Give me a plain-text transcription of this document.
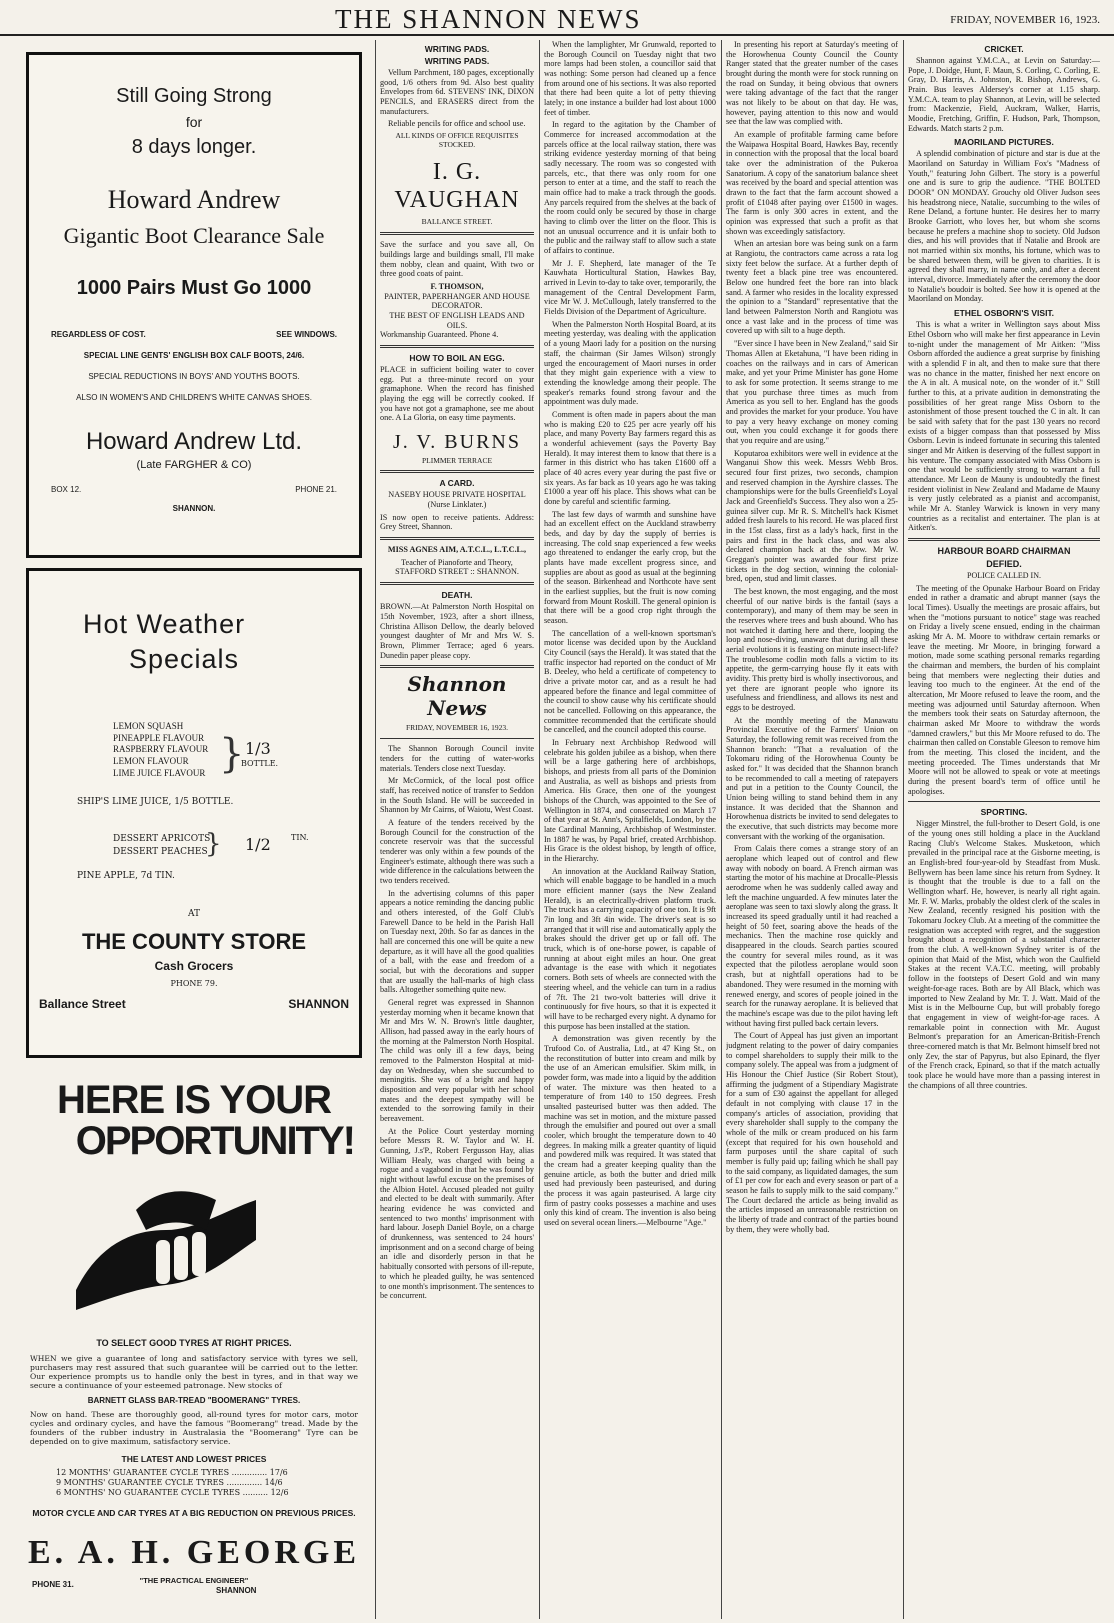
THE SHANNON NEWS	FRIDAY, NOVEMBER 16, 1923.
Still Going Strong
for
8 days longer.
Howard Andrew
Gigantic Boot Clearance Sale
1000 Pairs Must Go 1000
REGARDLESS OF COST.	SEE WINDOWS.
SPECIAL LINE GENTS' ENGLISH BOX CALF BOOTS, 24/6.
SPECIAL REDUCTIONS IN BOYS' AND YOUTHS BOOTS.
ALSO IN WOMEN'S AND CHILDREN'S WHITE CANVAS SHOES.
Howard Andrew Ltd.
(Late FARGHER & CO)
BOX 12.	PHONE 21.
SHANNON.
Hot Weather
Specials
LEMON SQUASH
PINEAPPLE FLAVOUR
RASPBERRY FLAVOUR
LEMON FLAVOUR
LIME JUICE FLAVOUR } 1/3
BOTTLE.
SHIP'S LIME JUICE, 1/5 BOTTLE.
DESSERT APRICOTS
DESSERT PEACHES
} 1/2	TIN.
PINE APPLE, 7d TIN.
AT
THE COUNTY STORE
Cash Grocers
PHONE 79.
Ballance Street	SHANNON
HERE IS YOUR
OPPORTUNITY!
TO SELECT GOOD TYRES AT RIGHT PRICES.
WHEN we give a guarantee of long and satisfactory service with tyres we sell, purchasers may rest assured that such guarantee will be carried out to the letter. Our experience prompts us to handle only the best in tyres, and in that way we secure a continuance of your esteemed patronage. New stocks of
BARNETT GLASS BAR-TREAD "BOOMERANG" TYRES.
Now on hand. These are thoroughly good, all-round tyres for motor cars, motor cycles and ordinary cycles, and have the famous "Boomerang" tread. Made by the founders of the rubber industry in Australasia the "Boomerang" Tyre can be depended on to give maximum, satisfactory service.
THE LATEST AND LOWEST PRICES
12 MONTHS' GUARANTEE CYCLE TYRES .............. 17/6
9 MONTHS' GUARANTEE CYCLE TYRES .............. 14/6
6 MONTHS' NO GUARANTEE CYCLE TYRES .......... 12/6
MOTOR CYCLE AND CAR TYRES AT A BIG REDUCTION ON PREVIOUS PRICES.
E. A. H. GEORGE
PHONE 31.	"THE PRACTICAL ENGINEER"
SHANNON
WRITING PADS.
WRITING PADS.

Vellum Parchment, 180 pages, exceptionally good, 1/6 others from 9d. Also best quality Envelopes from 6d. STEVENS' INK, DIXON PENCILS, and ERASERS direct from the manufacturers.

Reliable pencils for office and school use.

ALL KINDS OF OFFICE REQUISITES STOCKED.
I. G. VAUGHAN
BALLANCE STREET.

Save the surface and you save all, On buildings large and buildings small, I'll make them nobby, clean and quaint, With two or three good coats of paint.

F. THOMSON,
PAINTER, PAPERHANGER AND HOUSE DECORATOR.
THE BEST OF ENGLISH LEADS AND OILS.
Workmanship Guaranteed. Phone 4.
HOW TO BOIL AN EGG.

PLACE in sufficient boiling water to cover egg. Put a three-minute record on your gramaphone. When the record has finished playing the egg will be correctly cooked. If you have not got a gramaphone, see me about one. A La Gloria, on easy time payments.

J. V. BURNS
PLIMMER TERRACE
A CARD.
NASEBY HOUSE PRIVATE HOSPITAL (Nurse Linklater.)

IS now open to receive patients. Address: Grey Street, Shannon.

MISS AGNES AIM, A.T.C.L., L.T.C.L.,
Teacher of Pianoforte and Theory, STAFFORD STREET :: SHANNON.
DEATH.

BROWN.—At Palmerston North Hospital on 15th November, 1923, after a short illness, Christina Allison Dellow, the dearly beloved youngest daughter of Mr and Mrs W. S. Brown, Plimmer Terrace; aged 6 years. Dunedin paper please copy.

Shannon News
FRIDAY, NOVEMBER 16, 1923.

The Shannon Borough Council invite tenders for the cutting of water-works materials. Tenders close next Tuesday.

Mr McCormick, of the local post office staff, has received notice of transfer to Seddon in the South Island. He will be succeeded in Shannon by Mr Cairns, of Waiotu, West Coast.

A feature of the tenders received by the Borough Council for the construction of the concrete reservoir was that the successful tenderer was only within a few pounds of the Engineer's estimate, although there was such a wide difference in the calculations between the two tenders received.

In the advertising columns of this paper appears a notice reminding the dancing public and others interested, of the Golf Club's Farewell Dance to be held in the Parish Hall on Tuesday next, 20th. So far as dances in the hall are concerned this one will be quite a new departure, as it will have all the good qualities of a ball, with the ease and freedom of a social, but with the decorations and supper that are usually the hall-marks of high class balls. Altogether something quite new.

General regret was expressed in Shannon yesterday morning when it became known that Mr and Mrs W. N. Brown's little daughter, Allison, had passed away in the early hours of the morning at the Palmerston North Hospital. The child was only ill a few days, being removed to the Palmerston Hospital at mid-day on Wednesday, when she succumbed to meningitis. She was of a bright and happy disposition and very popular with her school mates and the deepest sympathy will be extended to the sorrowing family in their bereavement.

At the Police Court yesterday morning before Messrs R. W. Taylor and W. H. Gunning, J.s'P., Robert Fergusson Hay, alias William Healy, was charged with being a rogue and a vagabond in that he was found by night without lawful excuse on the premises of the Albion Hotel. Accused pleaded not guilty and elected to be dealt with summarily. After hearing evidence he was convicted and sentenced to two months' imprisonment with hard labour. Joseph Daniel Boyle, on a charge of drunkenness, was sentenced to 24 hours' imprisonment and on a second charge of being an idle and disorderly person in that he habitually consorted with persons of ill-repute, to which he pleaded guilty, he was sentenced to one month's imprisonment. The sentences to be concurrent.

When the lamplighter, Mr Grunwald, reported to the Borough Council on Tuesday night that two more lamps had been stolen, a councillor said that was nothing: Some person had cleaned up a fence from around one of his sections. It was also reported that there had been quite a lot of petty thieving lately; in one instance a builder had lost about 1000 feet of timber.

In regard to the agitation by the Chamber of Commerce for increased accommodation at the parcels office at the local railway station, there was striking evidence yesterday morning of that being sadly necessary. The room was so congested with parcels, etc., that there was only room for one person to enter at a time, and the staff to reach the main office had to make a track through the goods. Any parcels required from the shelves at the back of the room could only be secured by those in charge having to climb over the litter on the floor. This is not an unusual occurrence and it is unfair both to the public and the railway staff to allow such a state of affairs to continue.

Mr J. F. Shepherd, late manager of the Te Kauwhata Horticultural Station, Hawkes Bay, arrived in Levin to-day to take over, temporarily, the management of the Central Development Farm, vice Mr W. J. McCullough, lately transferred to the Fields Division of the Department of Agriculture.

When the Palmerston North Hospital Board, at its meeting yesterday, was dealing with the application of a young Maori lady for a position on the nursing staff, the chairman (Sir James Wilson) strongly urged the encouragement of Maori nurses in order that they might gain experience with a view to extending the knowledge among their people. The speaker's remarks found strong favour and the appointment was duly made.

Comment is often made in papers about the man who is making £20 to £25 per acre yearly off his place, and many Poverty Bay farmers regard this as a wonderful achievement (says the Poverty Bay Herald). It may interest them to know that there is a farmer in this district who has taken £1600 off a place of 40 acres every year during the past five or six years. As far back as 10 years ago he was taking £1000 a year off his place. This shows what can be done by careful and scientific farming.

The last few days of warmth and sunshine have had an excellent effect on the Auckland strawberry beds, and day by day the supply of berries is increasing. The cold snap experienced a few weeks ago threatened to endanger the early crop, but the plants have made excellent progress since, and supplies are about as good as usual at the beginning of the season. Birkenhead and Northcote have sent in the earliest supplies, but the fruit is now coming forward from Mount Roskill. The general opinion is that there will be a good crop right through the season.

The cancellation of a well-known sportsman's motor license was decided upon by the Auckland City Council (says the Herald). It was stated that the traffic inspector had reported on the conduct of Mr B. Deeley, who held a certificate of competency to drive a private motor car, and as a result he had appeared before the finance and legal committee of the council to show cause why his certificate should not be cancelled. Following on this appearance, the committee recommended that the certificate should be cancelled, and the council adopted this course.

In February next Archbishop Redwood will celebrate his golden jubilee as a bishop, when there will be a large gathering here of archbishops, bishops, and priests from all parts of the Dominion and Australia, as well as bishops and priests from America. His Grace, then one of the youngest bishops of the Church, was appointed to the See of Wellington in 1874, and consecrated on March 17 of that year at St. Ann's, Spitalfields, London, by the late Cardinal Manning, Archbishop of Westminster. In 1887 he was, by Papal brief, created Archbishop. His Grace is the oldest bishop, by length of office, in the Hierarchy.

An innovation at the Auckland Railway Station, which will enable baggage to be handled in a much more efficient manner (says the New Zealand Herald), is an electrically-driven platform truck. The truck has a carrying capacity of one ton. It is 9ft 7in long and 3ft 4in wide. The driver's seat is so arranged that it will rise and automatically apply the brakes should the driver get up or fall off. The truck, which is of one-horse power, is capable of running at about eight miles an hour. One great advantage is the ease with which it negotiates corners. Both sets of wheels are connected with the steering wheel, and the vehicle can turn in a radius of 7ft. The 21 two-volt batteries will drive it continuously for five hours, so that it is expected it will have to be recharged every night. A dynamo for this purpose has been installed at the station.

A demonstration was given recently by the Trufood Co. of Australia, Ltd., at 47 King St., on the reconstitution of butter into cream and milk by the use of an American emulsifier. Skim milk, in powder form, was made into a liquid by the addition of water. The mixture was then heated to a temperature of from 140 to 150 degrees. Fresh unsalted pasteurised butter was then added. The machine was set in motion, and the mixture passed through the emulsifier and poured out over a small cooler, which brought the temperature down to 40 degrees. In making milk a greater quantity of liquid and powdered milk was required. It was stated that the cream had a greater keeping quality than the genuine article, as both the butter and dried milk used had previously been pasteurised, and during the process it was again pasteurised. A large city firm of pastry cooks possesses a machine and uses only this kind of cream. The invention is also being used on several ocean liners.—Melbourne "Age."

In presenting his report at Saturday's meeting of the Horowhenua County Council the County Ranger stated that the greater number of the cases brought during the month were for stock running on the road on Sunday, it being obvious that owners were taking advantage of the fact that the ranger was not likely to be about on that day. He was, however, paying attention to this now and would see that the law was complied with.

An example of profitable farming came before the Waipawa Hospital Board, Hawkes Bay, recently in connection with the proposal that the local board take over the administration of the Pukeroa Sanatorium. A copy of the sanatorium balance sheet was received by the board and special attention was drawn to the fact that the farm account showed a profit of £1048 after paying over £1500 in wages. The farm is only 300 acres in extent, and the opinion was expressed that such a profit as that shown was exceedingly satisfactory.

When an artesian bore was being sunk on a farm at Rangiotu, the contractors came across a rata log sixty feet below the surface. At a further depth of twenty feet a black pine tree was encountered. Below one hundred feet the bore ran into black sand. A farmer who resides in the locality expressed the opinion to a "Standard" representative that the land between Palmerston North and Rangiotu was once a vast lake and in the process of time was covered up with silt to a huge depth.

"Ever since I have been in New Zealand," said Sir Thomas Allen at Eketahuna, "I have been riding in coaches on the railways and in cars of American make, and yet your Prime Minister has gone Home to ask for some protection. It seems strange to me that you purchase three times as much from America as you sell to her. England has the goods and provides the market for your produce. You have to pay a very heavy exchange on money coming out, when you could exchange it for goods there that you require and are using."

Koputaroa exhibitors were well in evidence at the Wanganui Show this week. Messrs Webb Bros. secured four first prizes, two seconds, champion and reserved champion in the Ayrshire classes. The championships were for the bulls Greenfield's Loyal Jack and Greenfield's Success. They also won a 25-guinea silver cup. Mr R. S. Mitchell's hack Kismet added fresh laurels to his record. He was placed first in the 15st class, first as a lady's hack, first in the pairs and first in the hack class, and was also declared champion hack at the show. Mr W. Greggan's pointer was awarded four first prize tickets in the dog section, winning the colonial-bred, open, stud and limit classes.

The best known, the most engaging, and the most cheerful of our native birds is the fantail (says a contemporary), and many of them may be seen in the reserves where trees and bush abound. Who has not watched it darting here and there, looping the loop and nose-diving, unaware that during all these aerial evolutions it is feasting on minute insect-life? The troublesome codlin moth falls a victim to its appetite, the germ-carrying house fly it eats with avidity. This pretty bird is wholly insectivorous, and yet there are ignorant people who ignore its usefulness and friendliness, and allows its nest and eggs to be destroyed.

At the monthly meeting of the Manawatu Provincial Executive of the Farmers' Union on Saturday, the following remit was received from the Shannon branch: "That a revaluation of the Tokomaru riding of the Horowhenua County be asked for." It was decided that the Shannon branch to be recommended to call a meeting of ratepayers and put in a petition to the County Council, the Union being willing to stand behind them in any instance. It was decided that the Shannon and Horowhenua districts be invited to send delegates to the executive, that such districts may become more conversant with the working of the organisation.

From Calais there comes a strange story of an aeroplane which leaped out of control and flew away with nobody on board. A French airman was starting the motor of his machine at Drocalle-Plessis aerodrome when he was suddenly called away and left the machine unguarded. A few minutes later the aeroplane was seen to taxi slowly along the grass. It increased its speed gradually until it had reached a height of 50 feet, soaring above the heads of the mechanics. Then the machine rose quickly and disappeared in the clouds. Search parties scoured the country for several miles round, as it was expected that the pilotless aeroplane would soon crash, but at nightfall operations had to be abandoned. They were resumed in the morning with renewed energy, and scores of people joined in the search for the runaway aeroplane. It is believed that the machine's escape was due to the pilot having left without having first pulled back certain levers.

The Court of Appeal has just given an important judgment relating to the power of dairy companies to compel shareholders to supply their milk to the company solely. The appeal was from a judgment of His Honour the Chief Justice (Sir Robert Stout), affirming the judgment of a Stipendiary Magistrate for a sum of £30 against the appellant for alleged default in not complying with clause 17 in the company's articles of association, providing that every shareholder shall supply to the company the whole of the milk or cream produced on his farm (except that required for his own household and farm purposes until the share capital of such member is fully paid up; failing which he shall pay to the said company, as liquidated damages, the sum of £1 per cow for each and every season or part of a season he fails to supply milk to the said company." The Court declared the article as being invalid as the articles imposed an unreasonable restriction on the liberty of trade and contract of the parties bound by them, they were wholly bad.

CRICKET.

Shannon against Y.M.C.A., at Levin on Saturday:—Pope, J. Doidge, Hunt, F. Maun, S. Corling, C. Corling, E. Gray, D. Harris, A. Johnston, R. Bishop, Andrews, G. Prain. Bus leaves Aldersey's corner at 1.15 sharp. Y.M.C.A. team to play Shannon, at Levin, will be selected from: Mackenzie, Field, Auckram, Walker, Harris, Moodie, Fretching, Griffin, F. Hudson, Park, Thompson, Edwards. Match starts 2 p.m.

MAORILAND PICTURES.

A splendid combination of picture and star is due at the Maoriland on Saturday in William Fox's "Madness of Youth," featuring John Gilbert. The story is a powerful one and is sure to grip the audience. "THE BOLTED DOOR" ON MONDAY. Grouchy old Oliver Judson sees his headstrong niece, Natalie, succumbing to the wiles of Rene Deland, a fortune hunter. He desires her to marry Brooke Garriott, who loves her, but whom she scorns because he prefers a machine shop to society. Old Judson dies, and his will provides that if Natalie and Brook are not married within six months, his fortune, which was to be shared between them, will be given to charities. It is agreed they shall marry, in name only, and after a decent interval, divorce. Immediately after the ceremony the door to Natalie's boudoir is bolted. See how it is opened at the Maoriland on Monday.

ETHEL OSBORN'S VISIT.

This is what a writer in Wellington says about Miss Ethel Osborn who will make her first appearance in Levin to-night under the management of Mr Aitken: "Miss Osborn afforded the audience a great surprise by finishing with a splendid F in alt, and then to make sure that there was no chance in the matter, finished her next encore on the A in alt. A musical note, on the wonder of it." Still further to this, at a private audition in demonstrating the possibilities of her great range Miss Osborn to the astonishment of those present touched the C in alt. It can be said with safety that for the past 130 years no record exists of a bigger compass than that possessed by Miss Osborn. Levin is indeed fortunate in securing this talented singer and Mr Aitken is deserving of the fullest support in his venture. The company associated with Miss Osborn is one that would be sufficiently strong to warrant a full attendance. Mr Leon de Mauny is undoubtedly the finest resident violinist in New Zealand and Madame de Mauny is very justly celebrated as a pianist and accompanist, while Mr A. Stanley Warwick is known in very many countries as a recitalist and entertainer. The plan is at Aitken's.

HARBOUR BOARD CHAIRMAN
DEFIED.
POLICE CALLED IN.

The meeting of the Opunake Harbour Board on Friday ended in rather a dramatic and abrupt manner (says the local Times). Usually the meetings are prosaic affairs, but when the "motions pursuant to notice" stage was reached on Friday a lively scene ensued, ending in the chairman asking Mr A. M. Moore to withdraw certain remarks or leave the meeting. Mr Moore, in bringing forward a motion, made some scathing personal remarks regarding the chairman and members, the burden of his complaint being that members were neglecting their duties and leaving too much to the engineer. At the end of the altercation, Mr Moore refused to leave the room, and the meeting was adjourned until Saturday afternoon. When the members took their seats on Saturday afternoon, the chairman asked Mr Moore to withdraw the words "damned crawlers," but this Mr Moore refused to do. The chairman then called on Constable Gleeson to remove him from the meeting. This closed the incident, and the meeting proceeded. The Times understands that Mr Moore will not be allowed to speak or vote at meetings during the present board's term of office until he apologises.

SPORTING.

Nigger Minstrel, the full-brother to Desert Gold, is one of the young ones still holding a place in the Auckland Racing Club's Welcome Stakes. Musketoon, which prevailed in the principal race at the Gisborne meeting, is an English-bred four-year-old by Steadfast from Musk. Bellywern has been lame since his return from Sydney. It is thought that the trouble is due to a fall on the Wellington wharf. He, however, is nearly all right again. Mr. F. W. Marks, probably the oldest clerk of the scales in New Zealand, recently resigned his position with the Tokomaru Jockey Club. At a meeting of the committee the resignation was accepted with regret, and the suggestion brought about a recognition of a substantial character from the club. A well-known Sydney writer is of the opinion that Maid of the Mist, which won the Caulfield Stakes at the recent V.A.T.C. meeting, will probably follow in the footsteps of Desert Gold and win many weight-for-age races. Both are by All Black, which was imported to New Zealand by Mr. T. J. Watt. Maid of the Mist is in the Melbourne Cup, but will probably forego that engagement in view of weight-for-age races. A remarkable point in connection with Mr. August Belmont's preparation for an American-British-French three-cornered match is that Mr. Belmont himself bred not only Zev, the star of Papyrus, but also Epinard, the flyer of the French crack, Epinard, so that if the match actually took place he would have more than a passing interest in the champions of all three countries.
